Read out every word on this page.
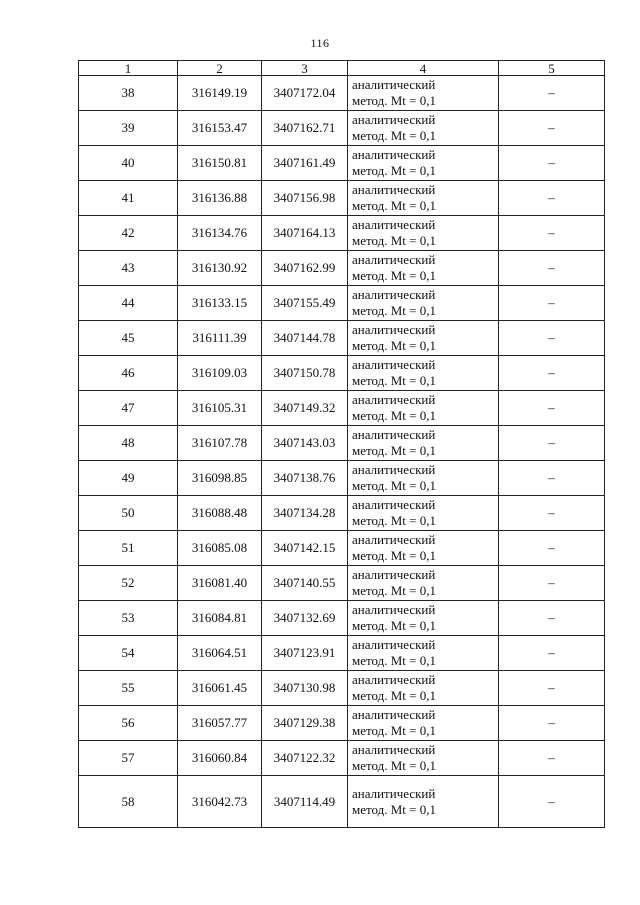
116
1	2	3	4	5
38	316149.19	3407172.04	аналитический
метод. Mt = 0,1	–
39	316153.47	3407162.71	аналитический
метод. Mt = 0,1	–
40	316150.81	3407161.49	аналитический
метод. Mt = 0,1	–
41	316136.88	3407156.98	аналитический
метод. Mt = 0,1	–
42	316134.76	3407164.13	аналитический
метод. Mt = 0,1	–
43	316130.92	3407162.99	аналитический
метод. Mt = 0,1	–
44	316133.15	3407155.49	аналитический
метод. Mt = 0,1	–
45	316111.39	3407144.78	аналитический
метод. Mt = 0,1	–
46	316109.03	3407150.78	аналитический
метод. Mt = 0,1	–
47	316105.31	3407149.32	аналитический
метод. Mt = 0,1	–
48	316107.78	3407143.03	аналитический
метод. Mt = 0,1	–
49	316098.85	3407138.76	аналитический
метод. Mt = 0,1	–
50	316088.48	3407134.28	аналитический
метод. Mt = 0,1	–
51	316085.08	3407142.15	аналитический
метод. Mt = 0,1	–
52	316081.40	3407140.55	аналитический
метод. Mt = 0,1	–
53	316084.81	3407132.69	аналитический
метод. Mt = 0,1	–
54	316064.51	3407123.91	аналитический
метод. Mt = 0,1	–
55	316061.45	3407130.98	аналитический
метод. Mt = 0,1	–
56	316057.77	3407129.38	аналитический
метод. Mt = 0,1	–
57	316060.84	3407122.32	аналитический
метод. Mt = 0,1	–
58	316042.73	3407114.49	аналитический
метод. Mt = 0,1	–
